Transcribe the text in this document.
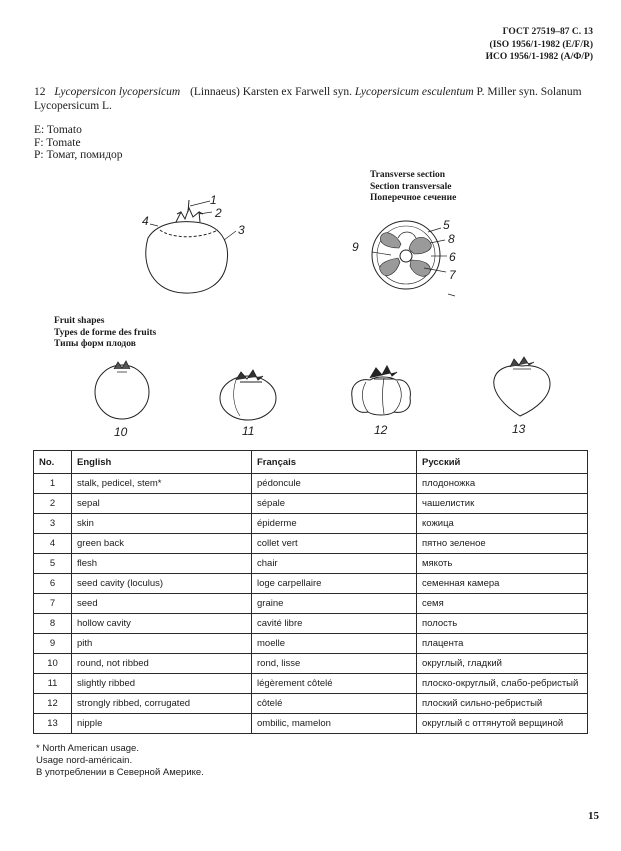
ГОСТ 27519–87 С. 13
(ISO 1956/1-1982 (E/F/R)
ИСО 1956/1-1982 (А/Ф/Р)
12 Lycopersicon lycopersicum (Linnaeus) Karsten ex Farwell syn. Lycopersicum esculentum P. Miller syn. Solanum Lycopersicum L.
E: Tomato
F: Tomate
P: Томат, помидор
Transverse section
Section transversale
Поперечное сечение
Fruit shapes
Types de forme des fruits
Типы форм плодов
1
2
3
4	5
8
6
7
9
10	11	12	13
No.	English	Français	Русский
1	stalk, pedicel, stem*	pédoncule	плодоножка
2	sepal	sépale	чашелистик
3	skin	épiderme	кожица
4	green back	collet vert	пятно зеленое
5	flesh	chair	мякоть
6	seed cavity (loculus)	loge carpellaire	семенная камера
7	seed	graine	семя
8	hollow cavity	cavité libre	полость
9	pith	moelle	плацента
10	round, not ribbed	rond, lisse	округлый, гладкий
11	slightly ribbed	légèrement côtelé	плоско-округлый, слабо-ребристый
12	strongly ribbed, corrugated	côtelé	плоский сильно-ребристый
13	nipple	ombilic, mamelon	округлый с оттянутой верщиной
* North American usage.
Usage nord-américain.
В употреблении в Северной Америке.
15
